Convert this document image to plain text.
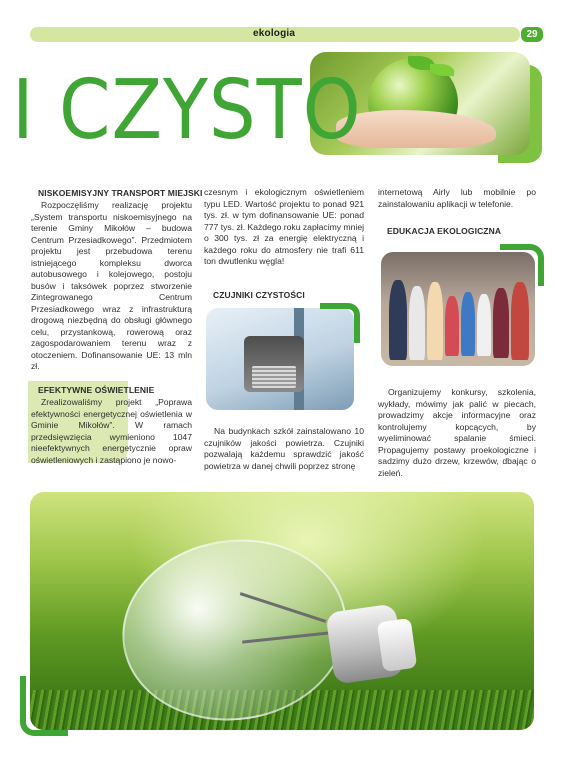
ekologia	29
I CZYSTO
NISKOEMISYJNY TRANSPORT MIEJSKI

Rozpoczęliśmy realizację projektu „System transportu niskoemisyjnego na terenie Gminy Mikołów – budowa Centrum Przesiadkowego”. Przedmiotem projektu jest przebudowa terenu istniejącego kompleksu dworca autobusowego i kolejowego, postoju busów i taksówek poprzez stworzenie Zintegrowanego Centrum Przesiadkowego wraz z infrastrukturą drogową niezbędną do obsługi głównego celu, przystankową, rowerową oraz zagospodarowaniem terenu wraz z otoczeniem. Dofinansowanie UE: 13 mln zł.

EFEKTYWNE OŚWIETLENIE

Zrealizowaliśmy projekt „Poprawa efektywności energetycznej oświetlenia w Gminie Mikołów”. W ramach przedsięwzięcia wymieniono 1047 nieefektywnych energetycznie opraw oświetleniowych i zastąpiono je nowo-

czesnym i ekologicznym oświetleniem typu LED. Wartość projektu to ponad 921 tys. zł. w tym dofinansowanie UE: ponad 777 tys. zł. Każdego roku zapłacimy mniej o 300 tys. zł za energię elektryczną i każdego roku do atmosfery nie trafi 611 ton dwutlenku węgla!

CZUJNIKI CZYSTOŚCI

Na budynkach szkół zainstalowano 10 czujników jakości powietrza. Czujniki pozwalają każdemu sprawdzić jakość powietrza w danej chwili poprzez stronę

internetową Airly lub mobilnie po zainstalowaniu aplikacji w telefonie.

EDUKACJA EKOLOGICZNA

Organizujemy konkursy, szkolenia, wykłady, mówimy jak palić w piecach, prowadzimy akcje informacyjne oraz kontrolujemy kopcących, by wyeliminować spalanie śmieci. Propagujemy postawy proekologiczne i sadzimy dużo drzew, krzewów, dbając o zieleń.
